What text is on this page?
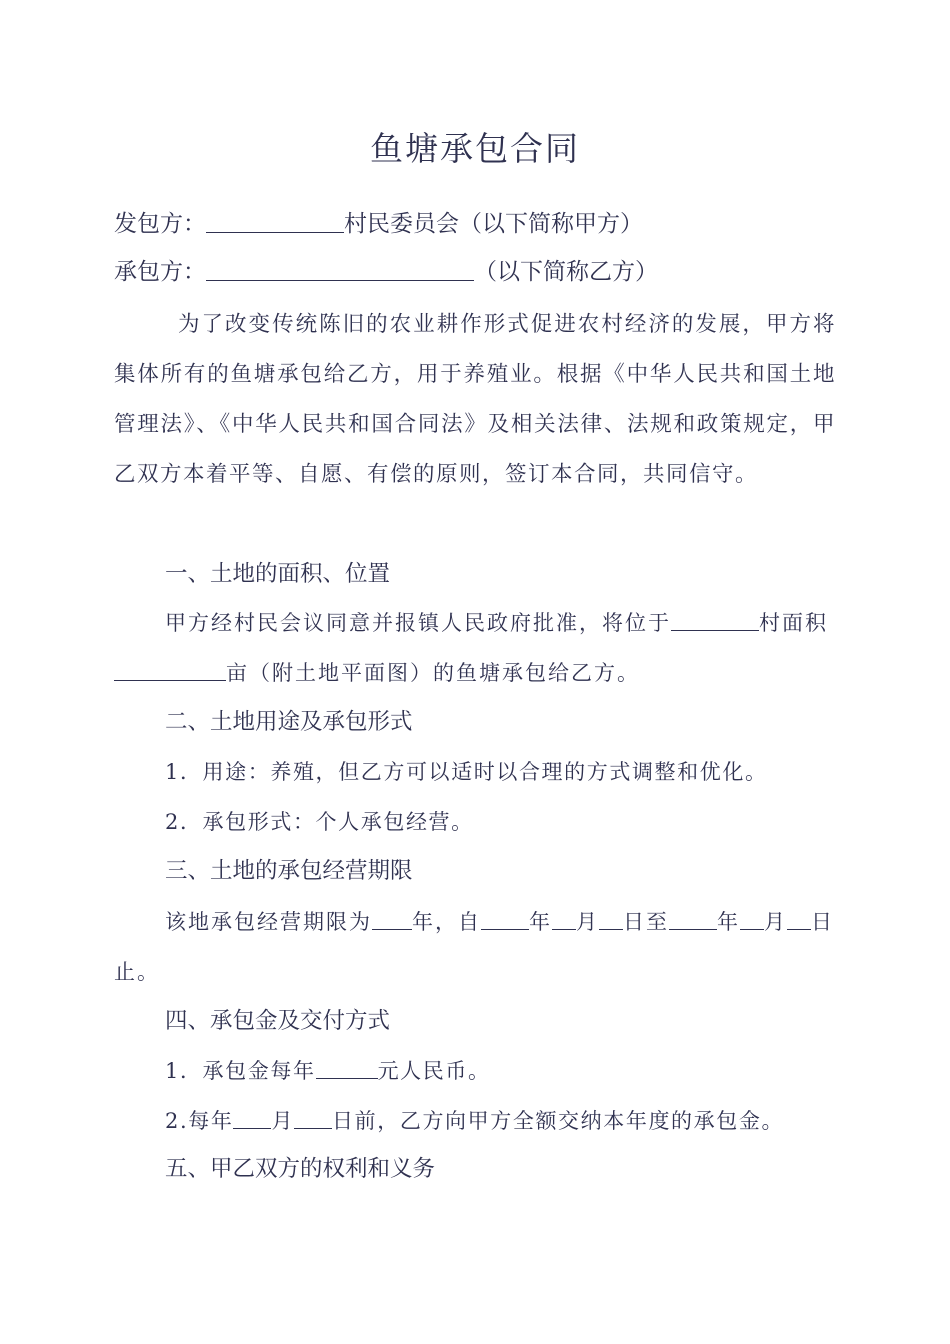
鱼塘承包合同
发包方：	村民委员会（以下简称甲方）
承包方：	（以下简称乙方）
为了改变传统陈旧的农业耕作形式促进农村经济的发展，甲方将集体所有的鱼塘承包给乙方，用于养殖业。根据《中华人民共和国土地管理法》、《中华人民共和国合同法》及相关法律、法规和政策规定，甲乙双方本着平等、自愿、有偿的原则，签订本合同，共同信守。
一、土地的面积、位置
甲方经村民会议同意并报镇人民政府批准，将位于	村面积亩（附土地平面图）的鱼塘承包给乙方。
二、土地用途及承包形式
1．用途：养殖，但乙方可以适时以合理的方式调整和优化。
2．承包形式：个人承包经营。
三、土地的承包经营期限
该地承包经营期限为 年，自 年 月 日至 年 月 日止。
四、承包金及交付方式
1．承包金每年	元人民币。
2.每年 月 日前，乙方向甲方全额交纳本年度的承包金。
五、甲乙双方的权利和义务
